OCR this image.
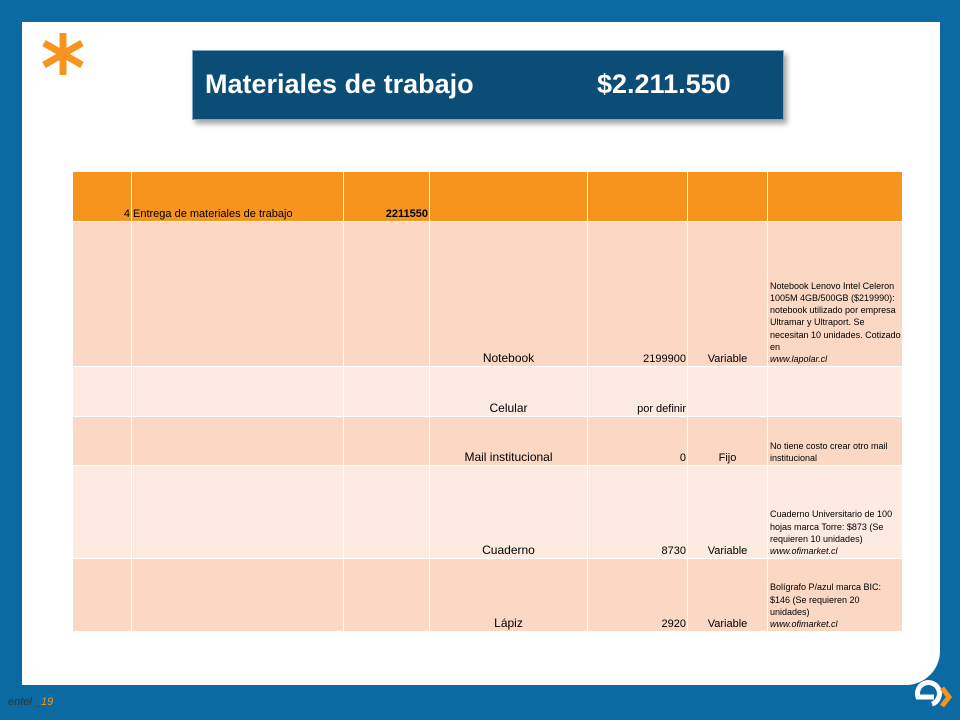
Materiales de trabajo	$2.211.550
4	Entrega de materiales de trabajo	2211550				
			Notebook	2199900	Variable	Notebook Lenovo Intel Celeron 1005M 4GB/500GB ($219990): notebook utilizado por empresa Ultramar y Ultraport. Se necesitan 10 unidades. Cotizado en
www.lapolar.cl

			Celular	por definir		
			Mail institucional	0	Fijo	No tiene costo crear otro mail institucional
			Cuaderno	8730	Variable	Cuaderno Universitario de 100 hojas marca Torre: $873 (Se requieren 10 unidades)
www.ofimarket.cl

			Lápiz	2920	Variable	Bolígrafo P/azul marca BIC: $146 (Se requieren 20 unidades)
www.ofimarket.cl
entel _19
